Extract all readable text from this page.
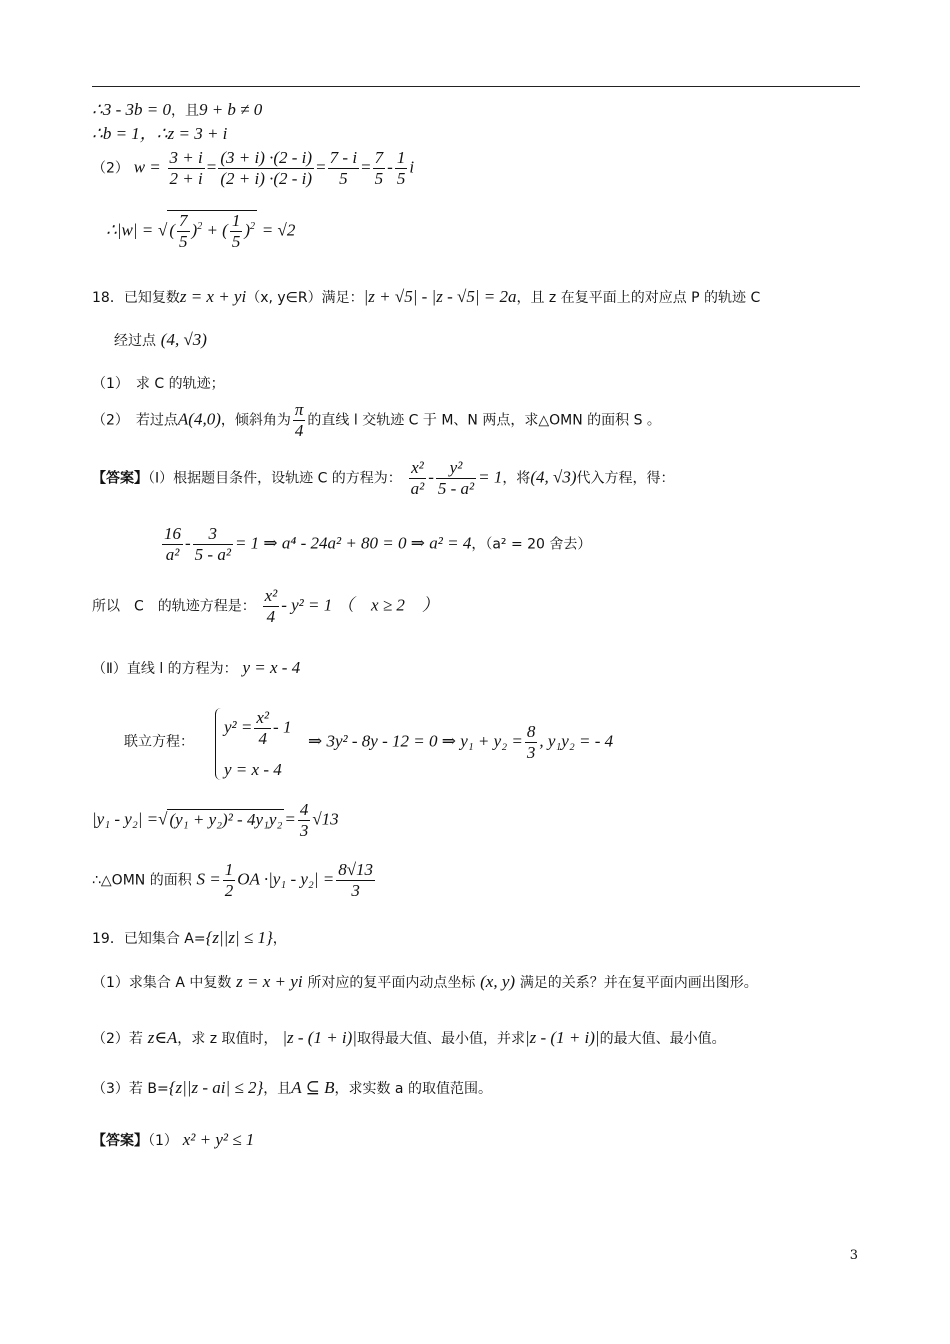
∴3 - 3b = 0，且9 + b ≠ 0
∴b = 1，∴z = 3 + i
（2） $w = \frac{3 + i}{2 + i} = \frac{(3 + i) \cdot(2 - i)}{(2 + i) \cdot(2 - i)} = \frac{7 - i}{5} = \frac{7}{5} - \frac{1}{5}$ i
∴|w| = √ ( $\frac{7}{5} )^2$ + ( $\frac{1}{5} )^2 = √2$
18．已知复数z = x + yi（x, y∈R）满足：|z + √5| - |z - √5| = 2a，且 z 在复平面上的对应点 P 的轨迹 C
经过点 (4, √3)
（1）　求 C 的轨迹；
（2）　若过点A(4,0)，倾斜角为 $\frac{\pi}{4}$ 的直线 l 交轨迹 C 于 M、N 两点，求△OMN 的面积 S 。
【答案】（Ⅰ）根据题目条件，设轨迹 C 的方程为： $\frac{\text{x²}}{\text{a²}} - \frac{\text{y²}}{\text{5 - a²}} = 1$，将(4, √3)代入方程，得：
$\frac{16}{\text{a²}} - \frac{3}{\text{5 - a²}} = 1$ ⇒ a⁴ - 24a² + 80 = 0 ⇒ a² = 4，（a² = 20 舍去）
所以　C　的轨迹方程是： $\frac{\text{x²}}{4} - y^2 = 1$ （　x ≥ 2　）
（Ⅱ）直线 l 的方程为： y = x - 4
联立方程：
$y^2 = \frac{\text{x²}}{4} - 1$
y = x - 4
⇒ 3y² - 8y - 12 = 0 ⇒ $y_1 + y_2 = \frac{8}{3}$ , y₁y₂ = - 4
|y₁ - y₂| =√ $(y_1 + y_2)^2 - 4y_1y_2 = \frac{4}{3} √13$
∴△OMN 的面积 $S = \frac{1}{2}$ OA $\cdot|y_1 - y_2| = \frac{8√13}{3}$
19．已知集合 A={z||z| ≤ 1}，
（1）求集合 A 中复数 z = x + yi 所对应的复平面内动点坐标 (x, y) 满足的关系？并在复平面内画出图形。
（2）若 z∈A，求 z 取值时， |z - (1 + i)|取得最大值、最小值，并求|z - (1 + i)|的最大值、最小值。
（3）若 B={z||z - ai| ≤ 2}，且A ⊆ B，求实数 a 的取值范围。
【答案】（1） x² + y² ≤ 1
3
